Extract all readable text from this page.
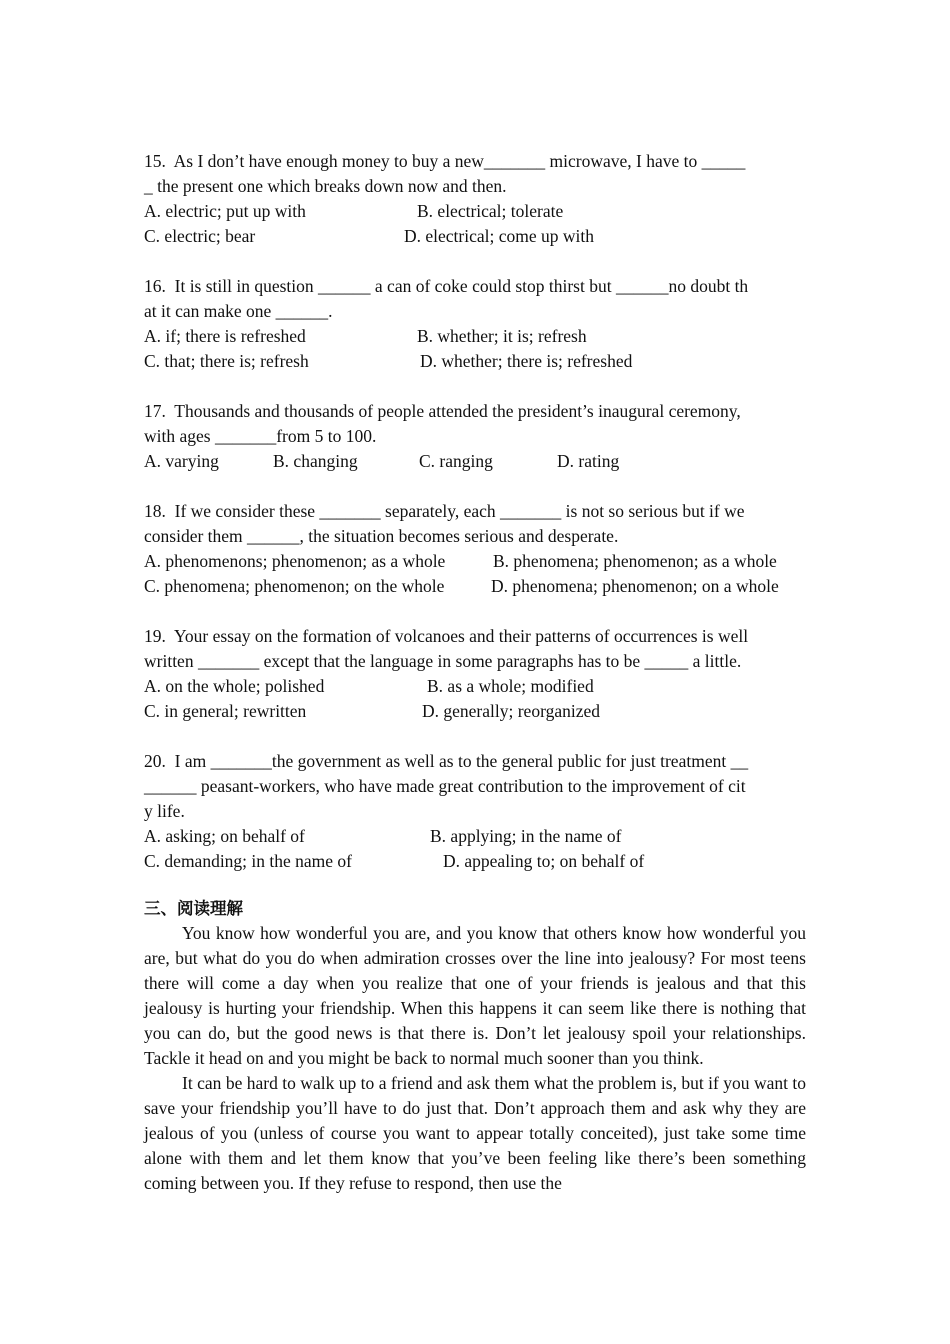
15.  As I don’t have enough money to buy a new_______ microwave, I have to _____
_ the present one which breaks down now and then.
A. electric; put up with	B. electrical; tolerate
C. electric; bear	D. electrical; come up with
16.  It is still in question ______ a can of coke could stop thirst but ______no doubt th
at it can make one ______.
A. if; there is refreshed	B. whether; it is; refresh
C. that; there is; refresh	D. whether; there is; refreshed
17.  Thousands and thousands of people attended the president’s inaugural ceremony,
with ages _______from 5 to 100.
A. varying	B. changing	C. ranging	D. rating
18.  If we consider these _______ separately, each _______ is not so serious but if we
consider them ______, the situation becomes serious and desperate.
A. phenomenons; phenomenon; as a whole	B. phenomena; phenomenon; as a whole
C. phenomena; phenomenon; on the whole	D. phenomena; phenomenon; on a whole
19.  Your essay on the formation of volcanoes and their patterns of occurrences is well
written _______ except that the language in some paragraphs has to be _____ a little.
A. on the whole; polished	B. as a whole; modified
C. in general; rewritten	D. generally; reorganized
20.  I am _______the government as well as to the general public for just treatment __
______ peasant-workers, who have made great contribution to the improvement of cit
y life.
A. asking; on behalf of	B. applying; in the name of
C. demanding; in the name of	D. appealing to; on behalf of
三、阅读理解

You know how wonderful you are, and you know that others know how wonderful you are, but what do you do when admiration crosses over the line into jealousy? For most teens there will come a day when you realize that one of your friends is jealous and that this jealousy is hurting your friendship. When this happens it can seem like there is nothing that you can do, but the good news is that there is. Don’t let jealousy spoil your relationships. Tackle it head on and you might be back to normal much sooner than you think.

It can be hard to walk up to a friend and ask them what the problem is, but if you want to save your friendship you’ll have to do just that. Don’t approach them and ask why they are jealous of you (unless of course you want to appear totally conceited), just take some time alone with them and let them know that you’ve been feeling like there’s been something coming between you. If they refuse to respond, then use the
